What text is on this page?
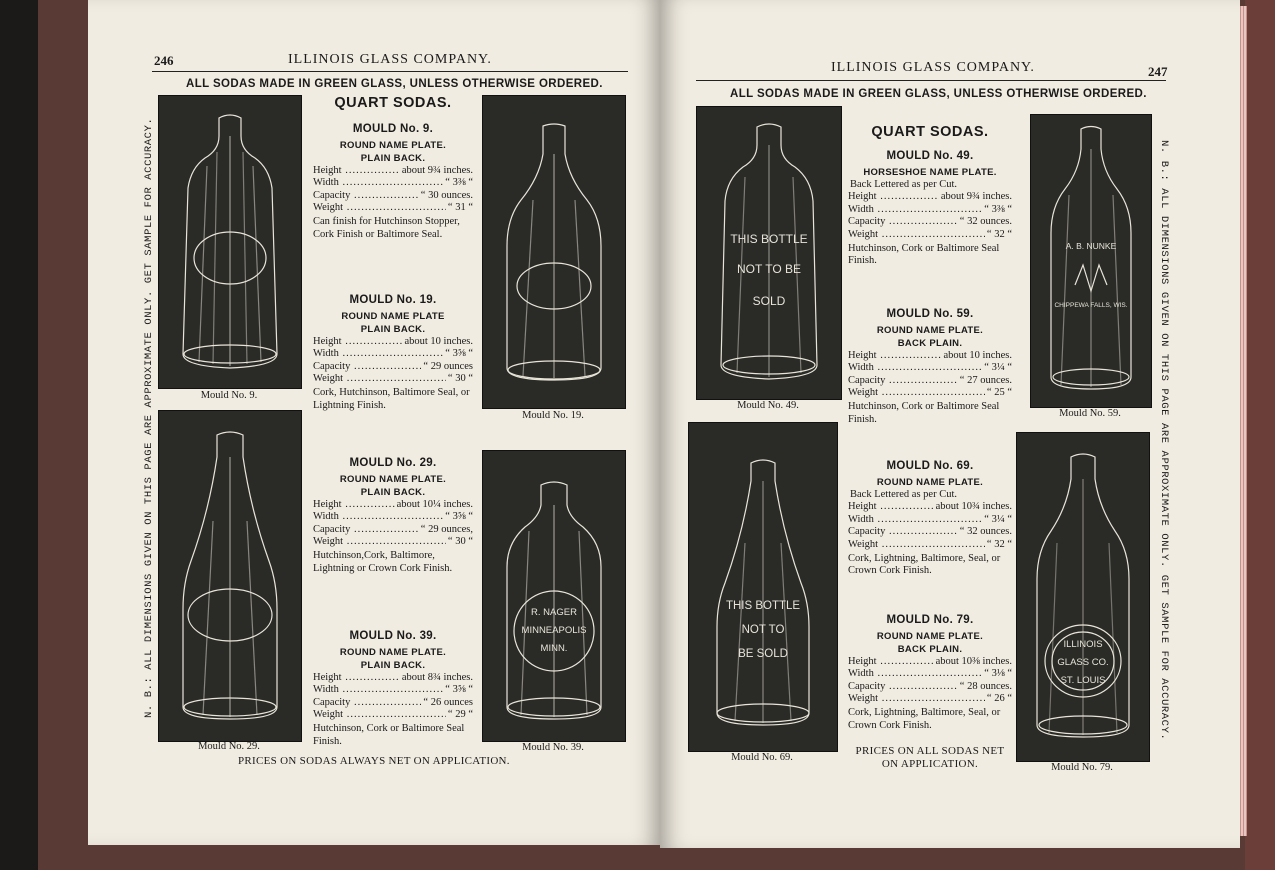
246	ILLINOIS GLASS COMPANY.
ALL SODAS MADE IN GREEN GLASS, UNLESS OTHERWISE ORDERED.
N. B.: ALL DIMENSIONS GIVEN ON THIS PAGE ARE APPROXIMATE ONLY. GET SAMPLE FOR ACCURACY.	Mould No. 9.
Mould No. 19.
Mould No. 29.
R. NAGER
MINNEAPOLIS
MINN.
Mould No. 39.
QUART SODAS.
MOULD No. 9.
ROUND NAME PLATE.
PLAIN BACK.
Height .....	about 9¾ inches.
Width .....	“ 3⅜ “
Capacity .....	“ 30 ounces.
Weight .....	“ 31 “
Can finish for Hutchinson Stopper, Cork Finish or Baltimore Seal.
MOULD No. 19.
ROUND NAME PLATE
PLAIN BACK.
Height .....	about 10 inches.
Width .....	“ 3⅝ “
Capacity .....	“ 29 ounces
Weight .....	“ 30 “
Cork, Hutchinson, Baltimore Seal, or Lightning Finish.
MOULD No. 29.
ROUND NAME PLATE.
PLAIN BACK.
Height .....	about 10¼ inches.
Width .....	“ 3⅝ “
Capacity .....	“ 29 ounces,
Weight .....	“ 30 “
Hutchinson,Cork, Baltimore, Lightning or Crown Cork Finish.
MOULD No. 39.
ROUND NAME PLATE.
PLAIN BACK.
Height .....	about 8¾ inches.
Width .....	“ 3⅝ “
Capacity .....	“ 26 ounces
Weight .....	“ 29 “
Hutchinson, Cork or Baltimore Seal Finish.
PRICES ON SODAS ALWAYS NET ON APPLICATION.
ILLINOIS GLASS COMPANY.	247
ALL SODAS MADE IN GREEN GLASS, UNLESS OTHERWISE ORDERED.
N. B.: ALL DIMENSIONS GIVEN ON THIS PAGE ARE APPROXIMATE ONLY. GET SAMPLE FOR ACCURACY.
THIS BOTTLE
NOT TO BE
SOLD
Mould No. 49.
A. B. NUNKE
CHIPPEWA FALLS, WIS.
Mould No. 59.
THIS BOTTLE
NOT TO
BE SOLD
Mould No. 69.
ILLINOIS
GLASS CO.
ST. LOUIS
Mould No. 79.
QUART SODAS.
MOULD No. 49.
HORSESHOE NAME PLATE.
Back Lettered as per Cut.
Height .....	about 9¾ inches.
Width .....	“ 3⅜ “
Capacity .....	“ 32 ounces.
Weight .....	“ 32 “
Hutchinson, Cork or Baltimore Seal Finish.
MOULD No. 59.
ROUND NAME PLATE.
BACK PLAIN.
Height .....	about 10 inches.
Width .....	“ 3¼ “
Capacity .....	“ 27 ounces.
Weight .....	“ 25 “
Hutchinson, Cork or Baltimore Seal Finish.
MOULD No. 69.
ROUND NAME PLATE.
Back Lettered as per Cut.
Height .....	about 10¾ inches.
Width .....	“ 3¼ “
Capacity .....	“ 32 ounces.
Weight .....	“ 32 “
Cork, Lightning, Baltimore, Seal, or Crown Cork Finish.
MOULD No. 79.
ROUND NAME PLATE.
BACK PLAIN.
Height .....	about 10⅜ inches.
Width .....	“ 3⅛ “
Capacity .....	“ 28 ounces.
Weight .....	“ 26 “
Cork, Lightning, Baltimore, Seal, or Crown Cork Finish.
PRICES ON ALL SODAS NET
ON APPLICATION.
